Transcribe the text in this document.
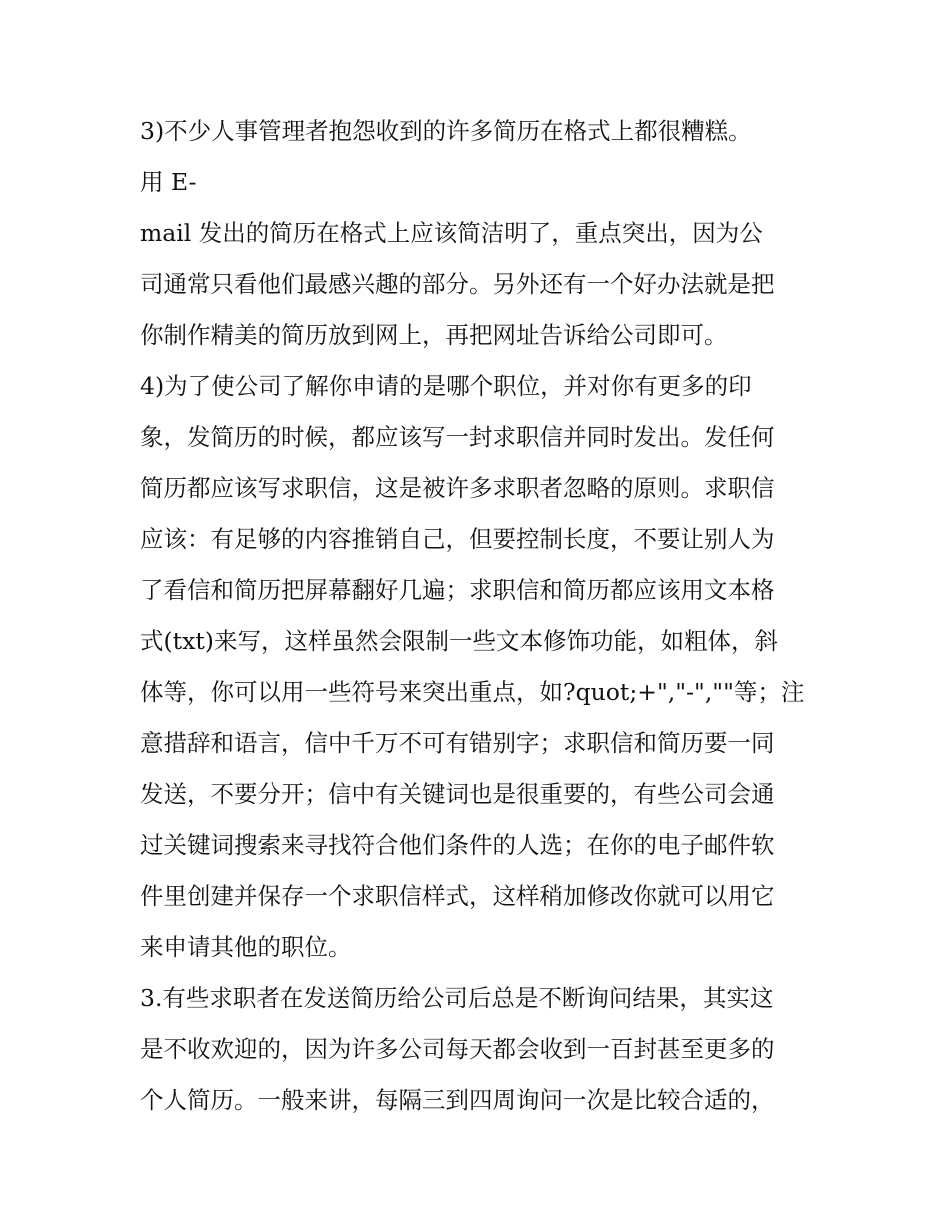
3)不少人事管理者抱怨收到的许多简历在格式上都很糟糕。
用 E-
mail 发出的简历在格式上应该简洁明了，重点突出，因为公
司通常只看他们最感兴趣的部分。另外还有一个好办法就是把
你制作精美的简历放到网上，再把网址告诉给公司即可。
4)为了使公司了解你申请的是哪个职位，并对你有更多的印
象，发简历的时候，都应该写一封求职信并同时发出。发任何
简历都应该写求职信，这是被许多求职者忽略的原则。求职信
应该：有足够的内容推销自己，但要控制长度，不要让别人为
了看信和简历把屏幕翻好几遍；求职信和简历都应该用文本格
式(txt)来写，这样虽然会限制一些文本修饰功能，如粗体，斜
体等，你可以用一些符号来突出重点，如?quot;+","-",""等；注
意措辞和语言，信中千万不可有错别字；求职信和简历要一同
发送，不要分开；信中有关键词也是很重要的，有些公司会通
过关键词搜索来寻找符合他们条件的人选；在你的电子邮件软
件里创建并保存一个求职信样式，这样稍加修改你就可以用它
来申请其他的职位。
3.有些求职者在发送简历给公司后总是不断询问结果，其实这
是不收欢迎的，因为许多公司每天都会收到一百封甚至更多的
个人简历。一般来讲，每隔三到四周询问一次是比较合适的，
